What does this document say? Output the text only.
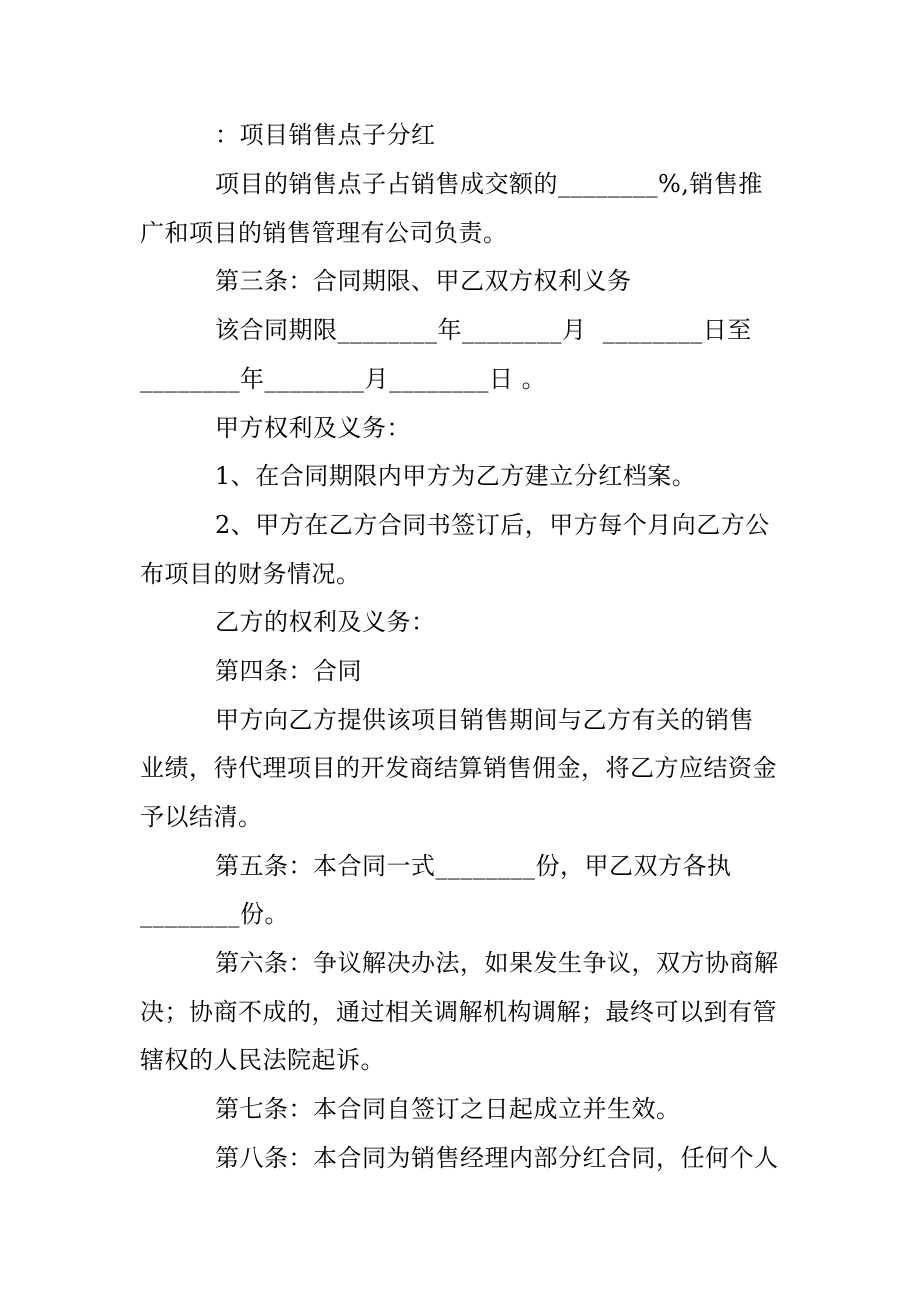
：项目销售点子分红
项目的销售点子占销售成交额的________%,销售推
广和项目的销售管理有公司负责。
第三条：合同期限、甲乙双方权利义务
该合同期限________年________月  ________日至
________年________月________日 。
甲方权利及义务：
1、在合同期限内甲方为乙方建立分红档案。
2、甲方在乙方合同书签订后，甲方每个月向乙方公
布项目的财务情况。
乙方的权利及义务：
第四条：合同
甲方向乙方提供该项目销售期间与乙方有关的销售
业绩，待代理项目的开发商结算销售佣金，将乙方应结资金
予以结清。
第五条：本合同一式________份，甲乙双方各执
________份。
第六条：争议解决办法，如果发生争议，双方协商解
决；协商不成的，通过相关调解机构调解；最终可以到有管
辖权的人民法院起诉。
第七条：本合同自签订之日起成立并生效。
第八条：本合同为销售经理内部分红合同，任何个人
